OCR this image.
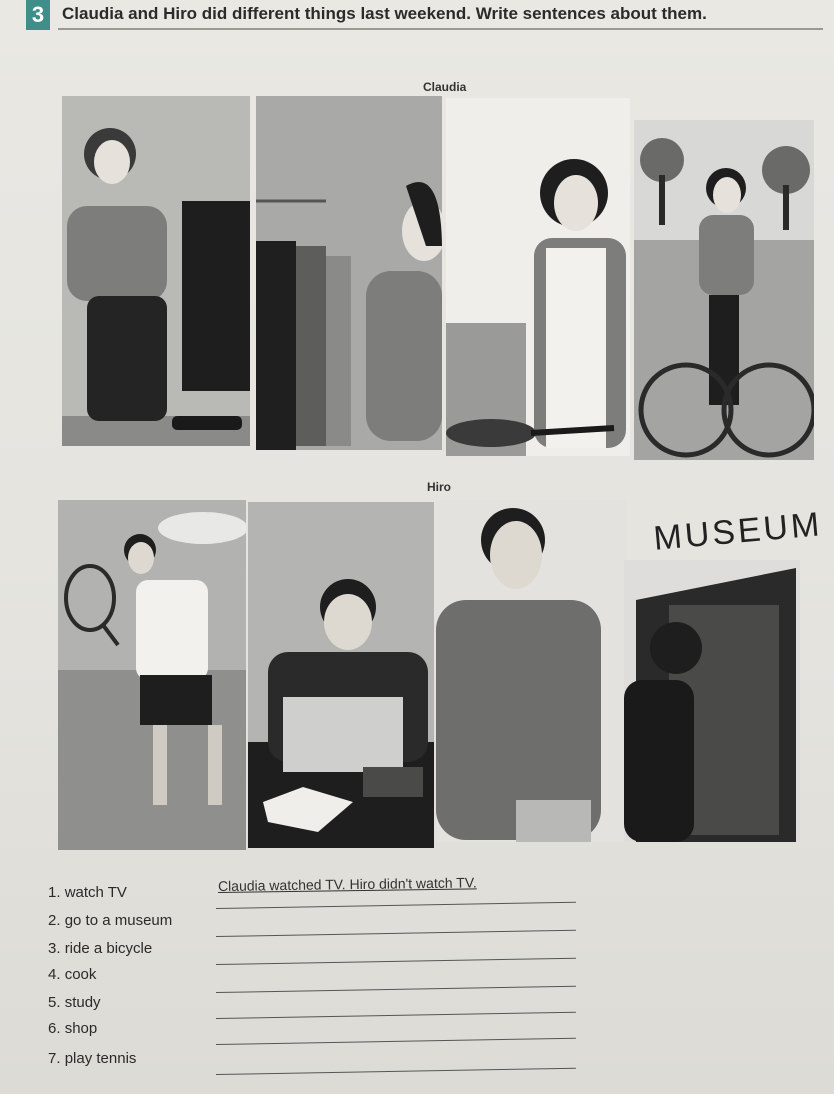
3	Claudia and Hiro did different things last weekend. Write sentences about them.
Claudia
Hiro
MUSEUM
1. watch TV
2. go to a museum
3. ride a bicycle
4. cook
5. study
6. shop
7. play tennis
Claudia watched TV. Hiro didn't watch TV.
